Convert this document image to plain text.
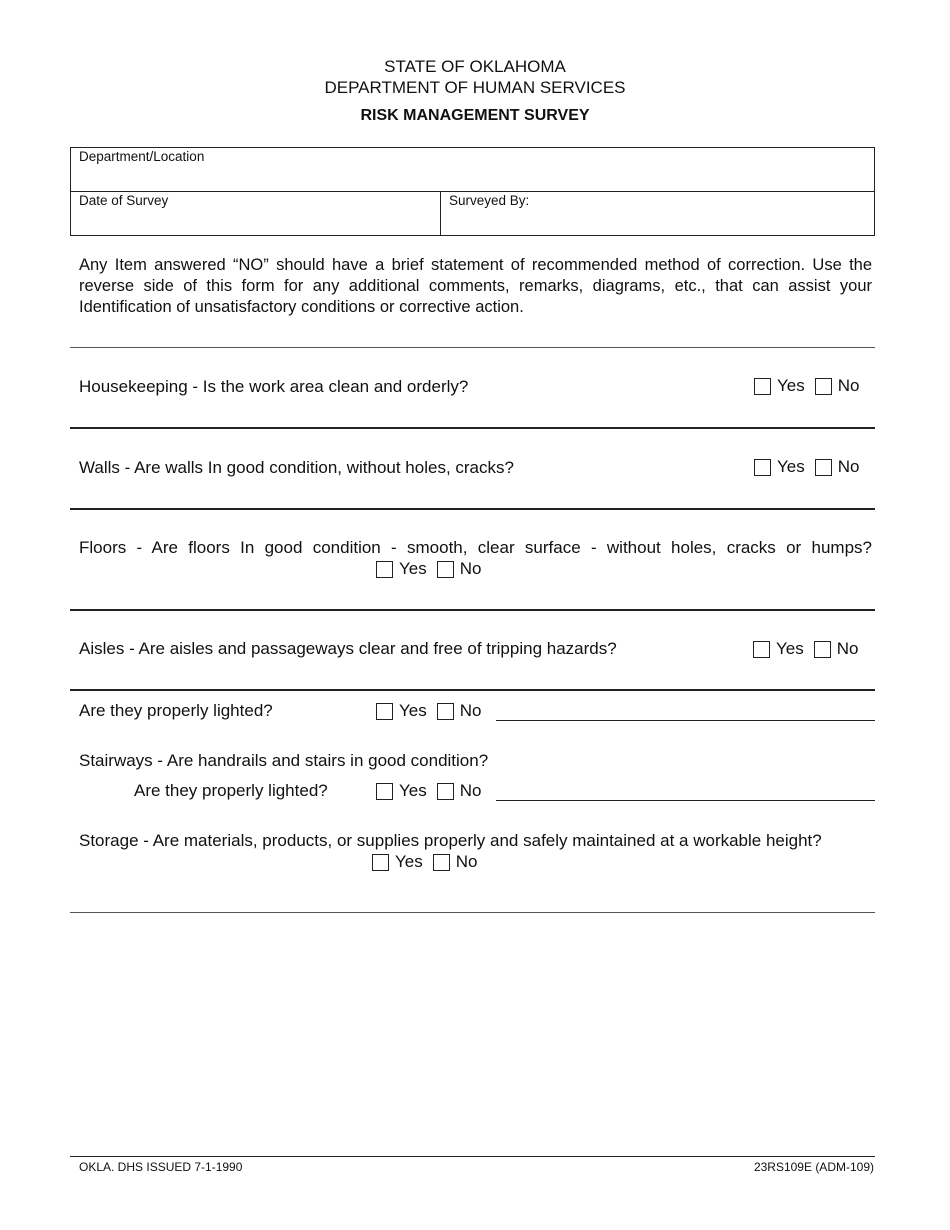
STATE OF OKLAHOMA
DEPARTMENT OF HUMAN SERVICES
RISK MANAGEMENT SURVEY
Department/Location
Date of Survey	Surveyed By:
Any Item answered “NO” should have a brief statement of recommended method of correction. Use the reverse side of this form for any additional comments, remarks, diagrams, etc., that can assist your Identification of unsatisfactory conditions or corrective action.
Housekeeping - Is the work area clean and orderly?	Yes No
Walls - Are walls In good condition, without holes, cracks?	Yes No
Floors - Are floors In good condition - smooth, clear surface - without holes, cracks or humps?
Yes No
Aisles - Are aisles and passageways clear and free of tripping hazards?	Yes No
Are they properly lighted?	Yes No
Stairways - Are handrails and stairs in good condition?
Are they properly lighted?	Yes No
Storage - Are materials, products, or supplies properly and safely maintained at a workable height?
Yes No
OKLA. DHS ISSUED 7-1-1990	23RS109E (ADM-109)
